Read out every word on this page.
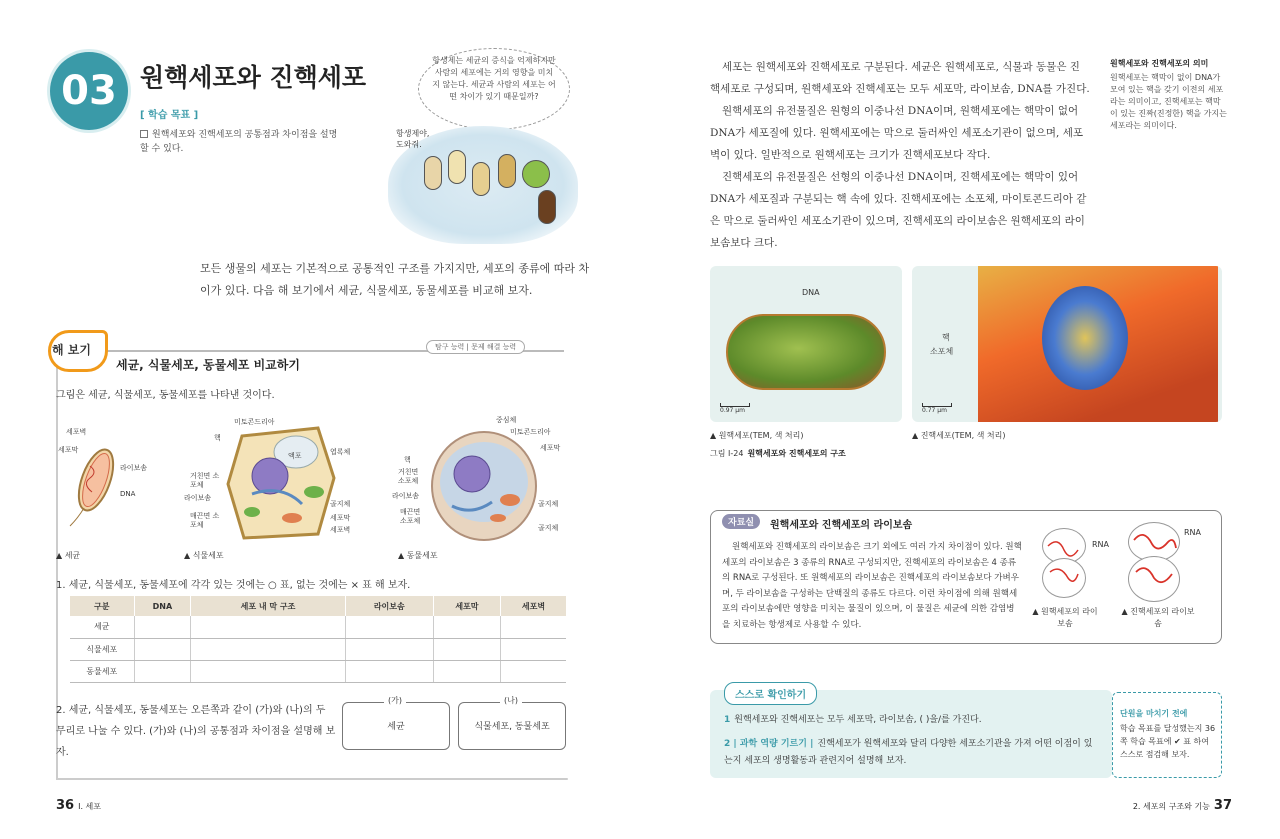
03 원핵세포와 진핵세포
[ 학습 목표 ]
원핵세포와 진핵세포의 공통점과 차이점을 설명할 수 있다.
항생제는 세균의 증식을 억제하지만 사람의 세포에는 거의 영향을 미치지 않는다. 세균과 사람의 세포는 어떤 차이가 있기 때문일까?
항생제야, 도와줘.
모든 생물의 세포는 기본적으로 공통적인 구조를 가지지만, 세포의 종류에 따라 차이가 있다. 다음 해 보기에서 세균, 식물세포, 동물세포를 비교해 보자.
해 보기
세균, 식물세포, 동물세포 비교하기
탐구 능력 | 문제 해결 능력
그림은 세균, 식물세포, 동물세포를 나타낸 것이다.
세포벽
세포막
라이보솜
DNA
미토콘드리아
핵
액포	엽록체
거친면 소포체
라이보솜
매끈면 소포체
골지체
세포막
세포벽
중심체
미토콘드리아
세포막
핵
거친면 소포체
라이보솜
골지체
매끈면 소포체
골지체
▲ 세균	▲ 식물세포	▲ 동물세포
1. 세균, 식물세포, 동물세포에 각각 있는 것에는 ○ 표, 없는 것에는 × 표 해 보자.
구분	DNA	세포 내 막 구조	라이보솜	세포막	세포벽
세균					
식물세포					
동물세포					
2. 세균, 식물세포, 동물세포는 오른쪽과 같이 (가)와 (나)의 두 무리로 나눌 수 있다. (가)와 (나)의 공통점과 차이점을 설명해 보자.
세균
(가)
식물세포, 동물세포
(나)
36 I. 세포

세포는 원핵세포와 진핵세포로 구분된다. 세균은 원핵세포로, 식물과 동물은 진핵세포로 구성되며, 원핵세포와 진핵세포는 모두 세포막, 라이보솜, DNA를 가진다.

원핵세포의 유전물질은 원형의 이중나선 DNA이며, 원핵세포에는 핵막이 없어 DNA가 세포질에 있다. 원핵세포에는 막으로 둘러싸인 세포소기관이 없으며, 세포벽이 있다. 일반적으로 원핵세포는 크기가 진핵세포보다 작다.

진핵세포의 유전물질은 선형의 이중나선 DNA이며, 진핵세포에는 핵막이 있어 DNA가 세포질과 구분되는 핵 속에 있다. 진핵세포에는 소포체, 마이토콘드리아 같은 막으로 둘러싸인 세포소기관이 있으며, 진핵세포의 라이보솜은 원핵세포의 라이보솜보다 크다.

원핵세포와 진핵세포의 의미
원핵세포는 핵막이 없이 DNA가 모여 있는 핵을 갖기 이전의 세포라는 의미이고, 진핵세포는 핵막이 있는 진짜(진정한) 핵을 가지는 세포라는 의미이다.
DNA
0.97 μm
핵
소포체
0.77 μm
▲ 원핵세포(TEM, 색 처리)	▲ 진핵세포(TEM, 색 처리)
그림 Ⅰ-24 원핵세포와 진핵세포의 구조
자료실	원핵세포와 진핵세포의 라이보솜
원핵세포와 진핵세포의 라이보솜은 크기 외에도 여러 가지 차이점이 있다. 원핵세포의 라이보솜은 3 종류의 RNA로 구성되지만, 진핵세포의 라이보솜은 4 종류의 RNA로 구성된다. 또 원핵세포의 라이보솜은 진핵세포의 라이보솜보다 가벼우며, 두 라이보솜을 구성하는 단백질의 종류도 다르다. 이런 차이점에 의해 원핵세포의 라이보솜에만 영향을 미치는 물질이 있으며, 이 물질은 세균에 의한 감염병을 치료하는 항생제로 사용할 수 있다.
RNA
▲ 원핵세포의 라이보솜
RNA
▲ 진핵세포의 라이보솜
스스로 확인하기
1 원핵세포와 진핵세포는 모두 세포막, 라이보솜, ( )을/를 가진다.
2 | 과학 역량 기르기 | 진핵세포가 원핵세포와 달리 다양한 세포소기관을 가져 어떤 이점이 있는지 세포의 생명활동과 관련지어 설명해 보자.
단원을 마치기 전에
학습 목표를 달성했는지 36 쪽 학습 목표에 ✔ 표 하여 스스로 점검해 보자.
2. 세포의 구조와 기능 37
